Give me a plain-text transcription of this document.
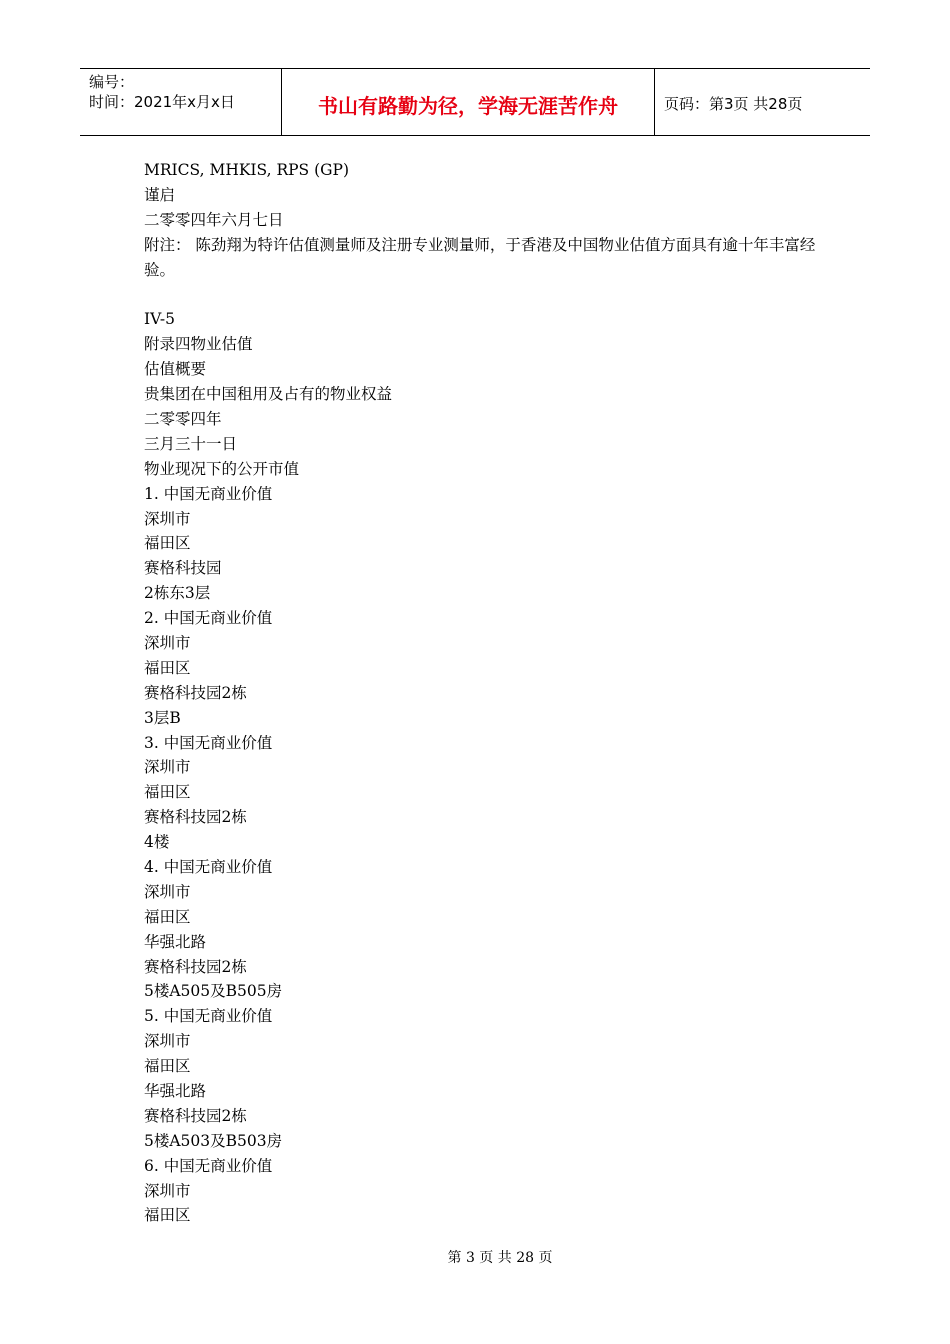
编号：
时间：2021年x月x日	书山有路勤为径，学海无涯苦作舟	页码：第3页 共28页
MRICS, MHKIS, RPS (GP)
谨启
二零零四年六月七日
附注： 陈劲翔为特许估值测量师及注册专业测量师，于香港及中国物业估值方面具有逾十年丰富经验。
IV-5
附录四物业估值
估值概要
贵集团在中国租用及占有的物业权益
二零零四年
三月三十一日
物业现况下的公开市值
1. 中国无商业价值
深圳市
福田区
赛格科技园
2栋东3层
2. 中国无商业价值
深圳市
福田区
赛格科技园2栋
3层B
3. 中国无商业价值
深圳市
福田区
赛格科技园2栋
4楼
4. 中国无商业价值
深圳市
福田区
华强北路
赛格科技园2栋
5楼A505及B505房
5. 中国无商业价值
深圳市
福田区
华强北路
赛格科技园2栋
5楼A503及B503房
6. 中国无商业价值
深圳市
福田区
第 3 页 共 28 页
